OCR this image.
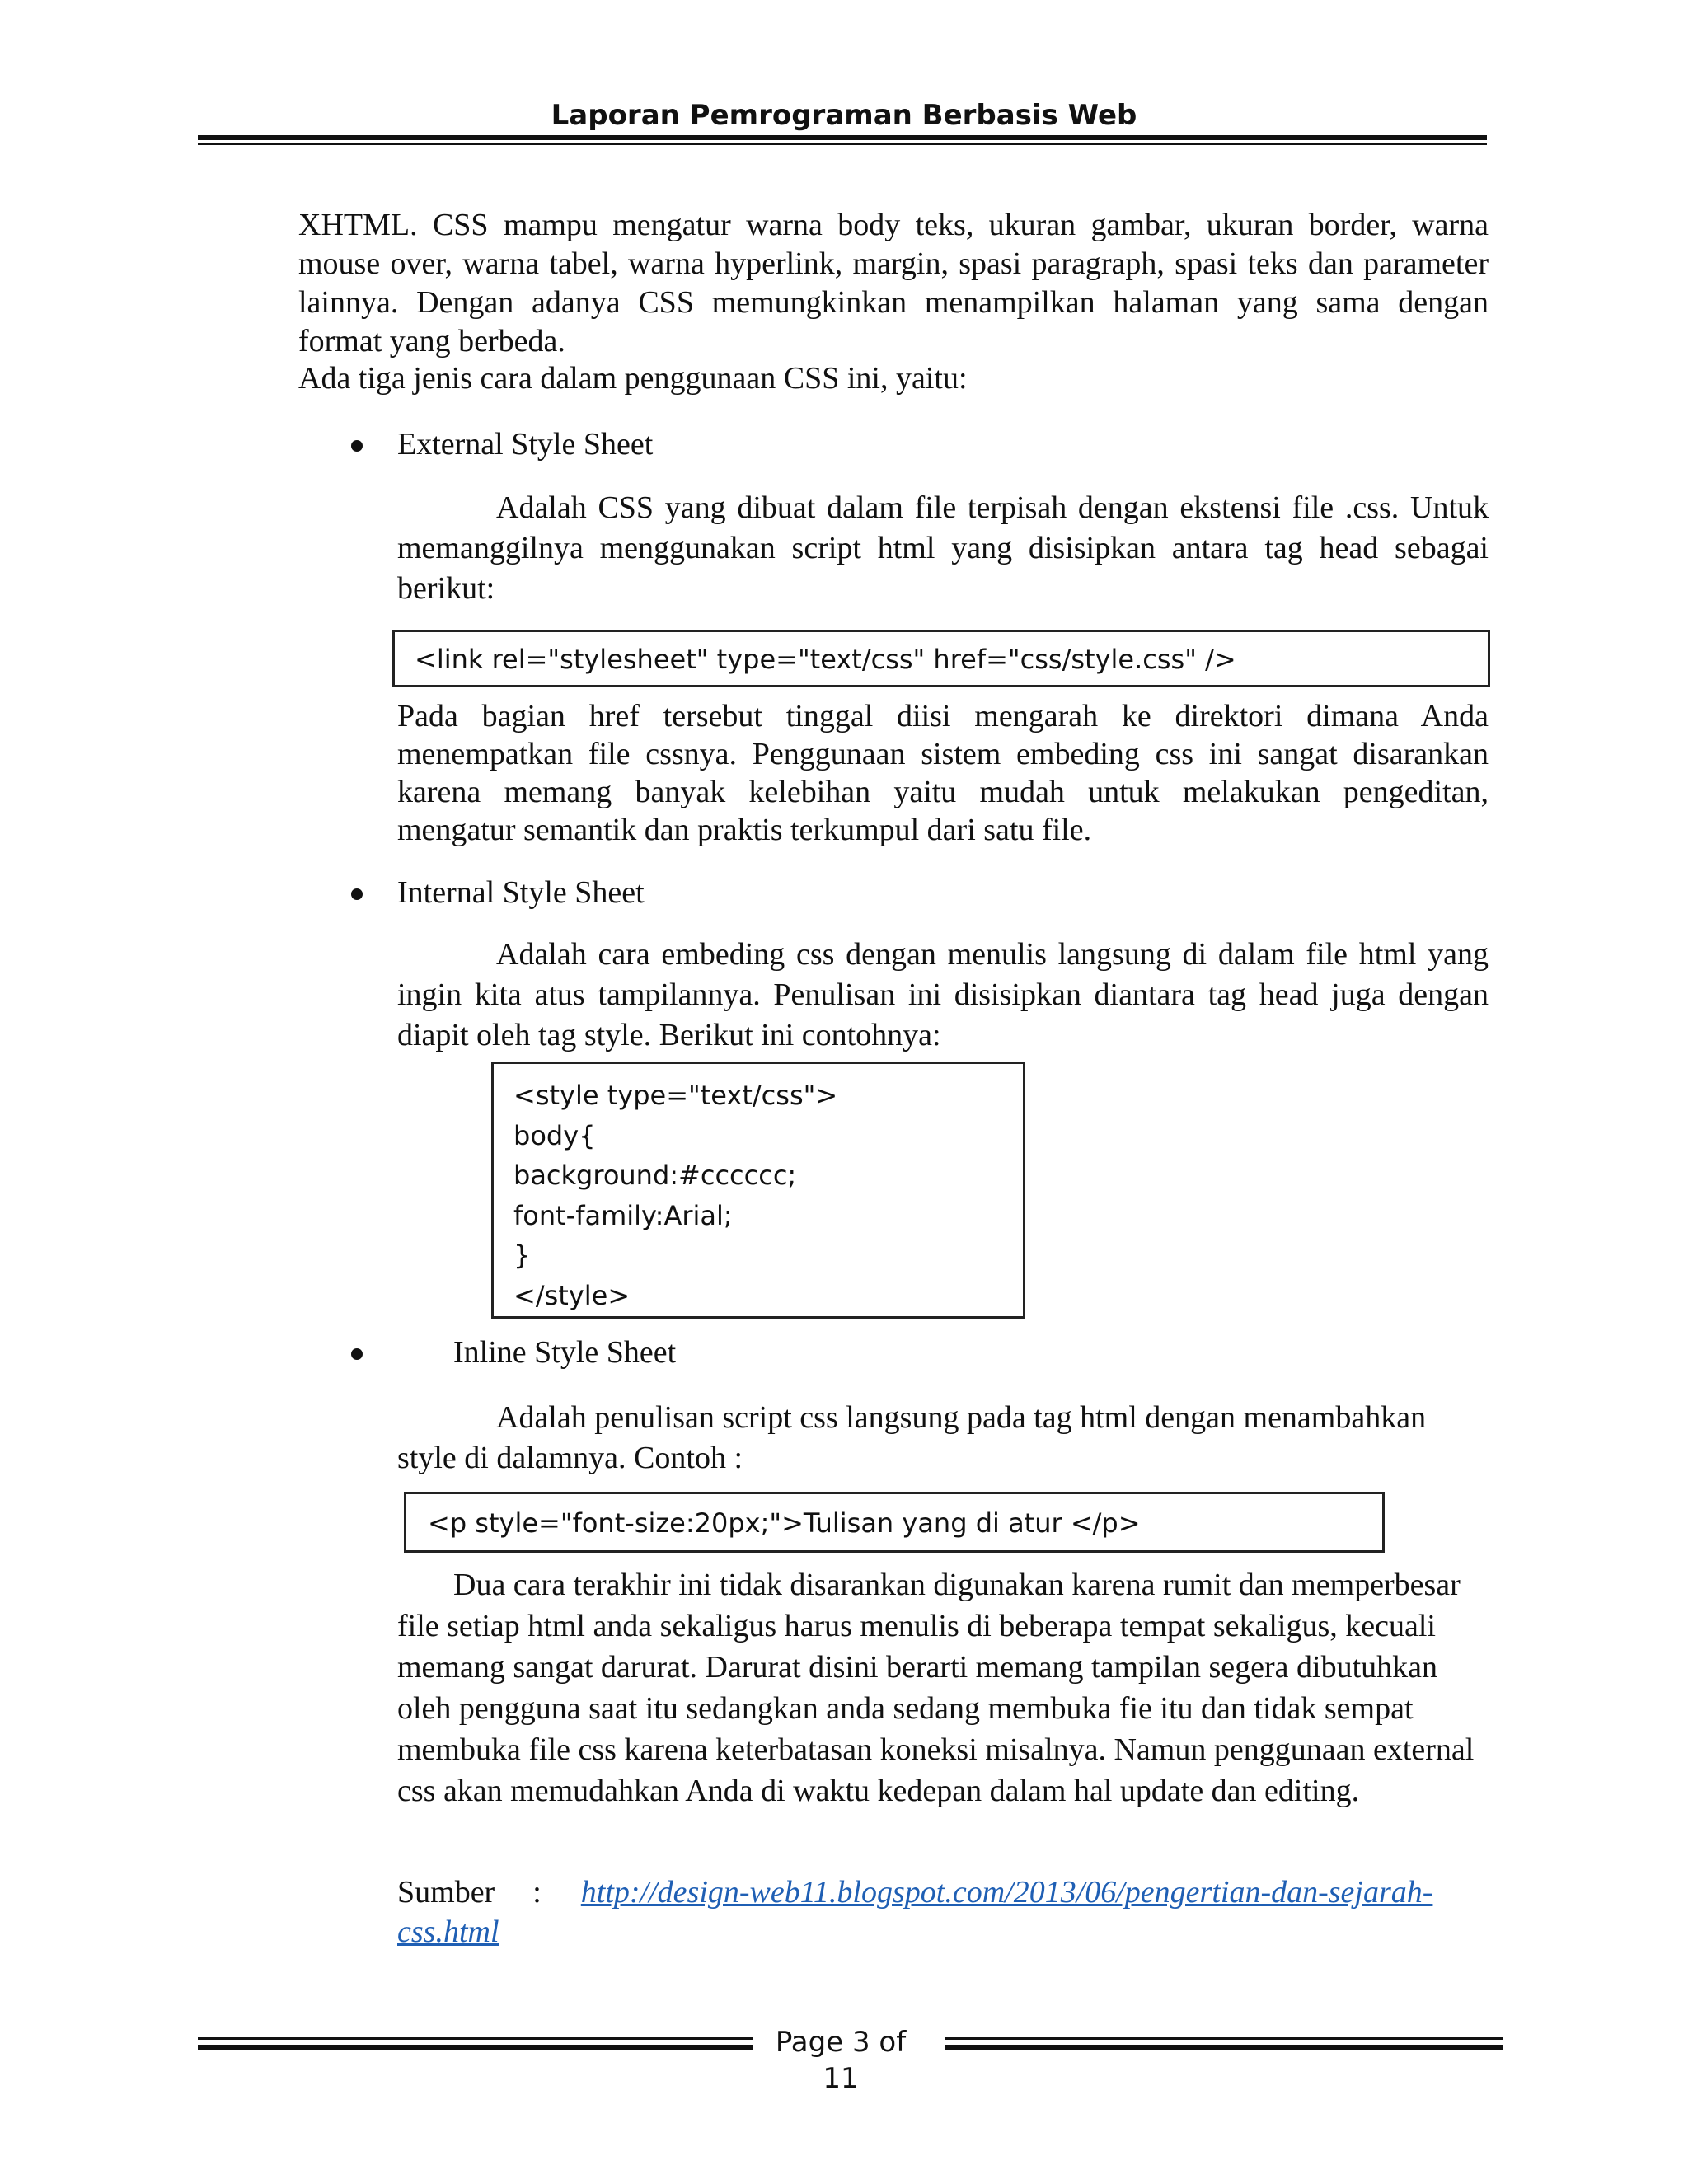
Laporan Pemrograman Berbasis Web
XHTML. CSS mampu mengatur warna body teks, ukuran gambar, ukuran border, warna mouse over, warna tabel, warna hyperlink, margin, spasi paragraph, spasi teks dan parameter lainnya. Dengan adanya CSS memungkinkan menampilkan halaman yang sama dengan format yang berbeda.
Ada tiga jenis cara dalam penggunaan CSS ini, yaitu:
External Style Sheet
Adalah CSS yang dibuat dalam file terpisah dengan ekstensi file .css. Untuk memanggilnya menggunakan script html yang disisipkan antara tag head sebagai berikut:
<link rel="stylesheet" type="text/css" href="css/style.css" />
Pada bagian href tersebut tinggal diisi mengarah ke direktori dimana Anda menempatkan file cssnya. Penggunaan sistem embeding css ini sangat disarankan karena memang banyak kelebihan yaitu mudah untuk melakukan pengeditan, mengatur semantik dan praktis terkumpul dari satu file.
Internal Style Sheet
Adalah cara embeding css dengan menulis langsung di dalam file html yang ingin kita atus tampilannya. Penulisan ini disisipkan diantara tag head juga dengan diapit oleh tag style. Berikut ini contohnya:
<style type="text/css">
body{
background:#cccccc;
font-family:Arial;
}
</style>
Inline Style Sheet
Adalah penulisan script css langsung pada tag html dengan menambahkan style di dalamnya. Contoh :
<p style="font-size:20px;">Tulisan yang di atur </p>
Dua cara terakhir ini tidak disarankan digunakan karena rumit dan memperbesar file setiap html anda sekaligus harus menulis di beberapa tempat sekaligus, kecuali memang sangat darurat. Darurat disini berarti memang tampilan segera dibutuhkan oleh pengguna saat itu sedangkan anda sedang membuka fie itu dan tidak sempat membuka file css karena keterbatasan koneksi misalnya. Namun penggunaan external css akan memudahkan Anda di waktu kedepan dalam hal update dan editing.
Sumber : http://design-web11.blogspot.com/2013/06/pengertian-dan-sejarah-
css.html
Page 3 of 11
